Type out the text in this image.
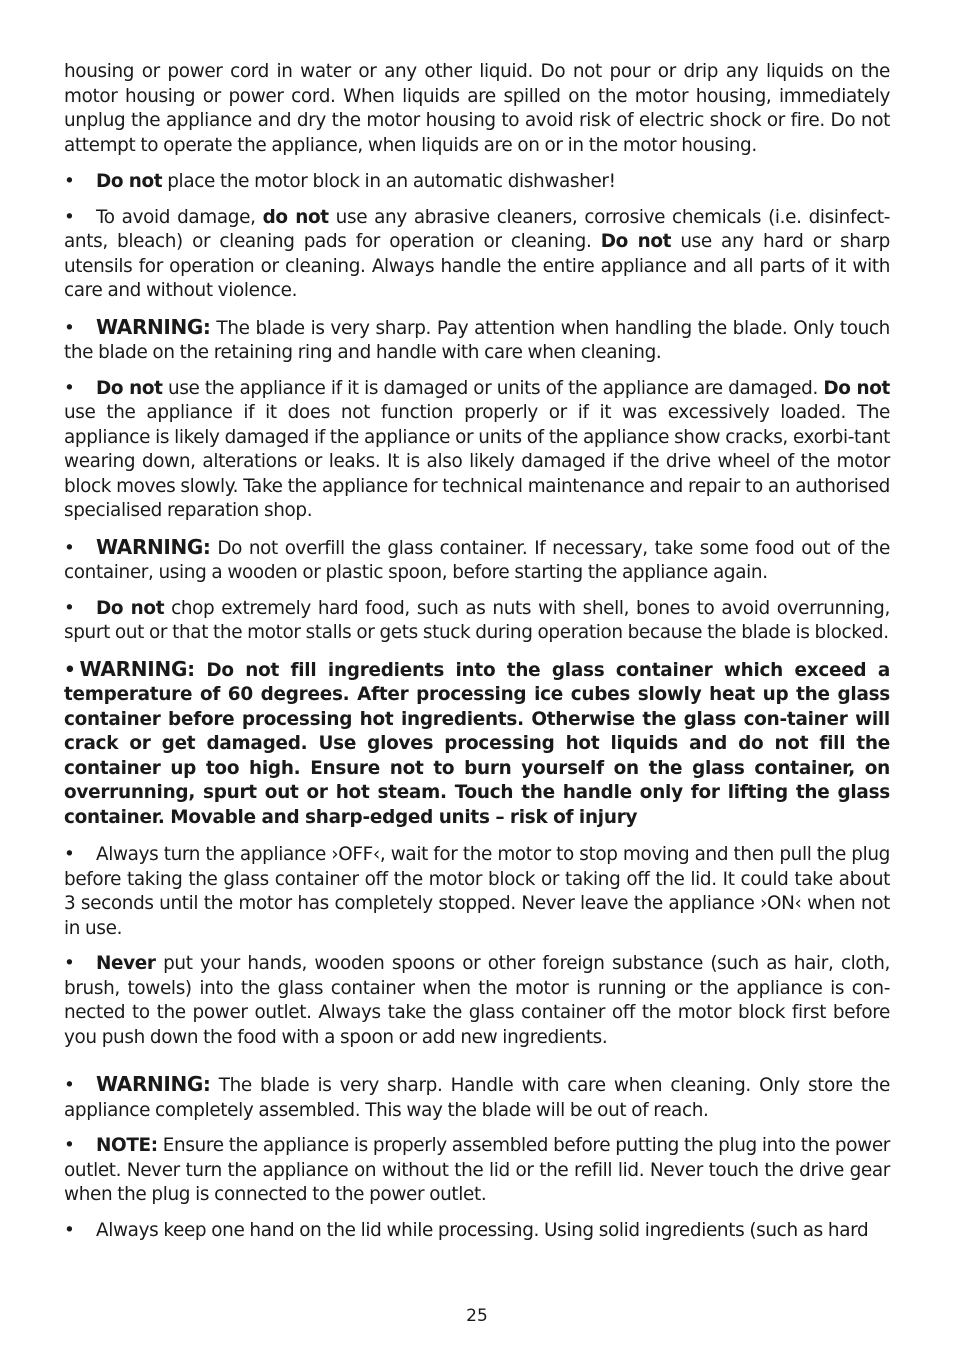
housing or power cord in water or any other liquid. Do not pour or drip any liquids on the motor housing or power cord. When liquids are spilled on the motor housing, immediately unplug the appliance and dry the motor housing to avoid risk of electric shock or fire. Do not attempt to operate the appliance, when liquids are on or in the motor housing.

• Do not place the motor block in an automatic dishwasher!

• To avoid damage, do not use any abrasive cleaners, corrosive chemicals (i.e. disinfect-ants, bleach) or cleaning pads for operation or cleaning. Do not use any hard or sharp utensils for operation or cleaning. Always handle the entire appliance and all parts of it with care and without violence.

• WARNING: The blade is very sharp. Pay attention when handling the blade. Only touch the blade on the retaining ring and handle with care when cleaning.

• Do not use the appliance if it is damaged or units of the appliance are damaged. Do not use the appliance if it does not function properly or if it was excessively loaded. The appliance is likely damaged if the appliance or units of the appliance show cracks, exorbi-tant wearing down, alterations or leaks. It is also likely damaged if the drive wheel of the motor block moves slowly. Take the appliance for technical maintenance and repair to an authorised specialised reparation shop.

• WARNING: Do not overfill the glass container. If necessary, take some food out of the container, using a wooden or plastic spoon, before starting the appliance again.

• Do not chop extremely hard food, such as nuts with shell, bones to avoid overrunning, spurt out or that the motor stalls or gets stuck during operation because the blade is blocked.

• WARNING: Do not fill ingredients into the glass container which exceed a temperature of 60 degrees. After processing ice cubes slowly heat up the glass container before processing hot ingredients. Otherwise the glass con-tainer will crack or get damaged. Use gloves processing hot liquids and do not fill the container up too high. Ensure not to burn yourself on the glass container, on overrunning, spurt out or hot steam. Touch the handle only for lifting the glass container. Movable and sharp-edged units – risk of injury

• Always turn the appliance ›OFF‹, wait for the motor to stop moving and then pull the plug before taking the glass container off the motor block or taking off the lid. It could take about 3 seconds until the motor has completely stopped. Never leave the appliance ›ON‹ when not in use.

• Never put your hands, wooden spoons or other foreign substance (such as hair, cloth, brush, towels) into the glass container when the motor is running or the appliance is con-nected to the power outlet. Always take the glass container off the motor block first before you push down the food with a spoon or add new ingredients.

• WARNING: The blade is very sharp. Handle with care when cleaning. Only store the appliance completely assembled. This way the blade will be out of reach.

• NOTE: Ensure the appliance is properly assembled before putting the plug into the power outlet. Never turn the appliance on without the lid or the refill lid. Never touch the drive gear when the plug is connected to the power outlet.

• Always keep one hand on the lid while processing. Using solid ingredients (such as hard

25
